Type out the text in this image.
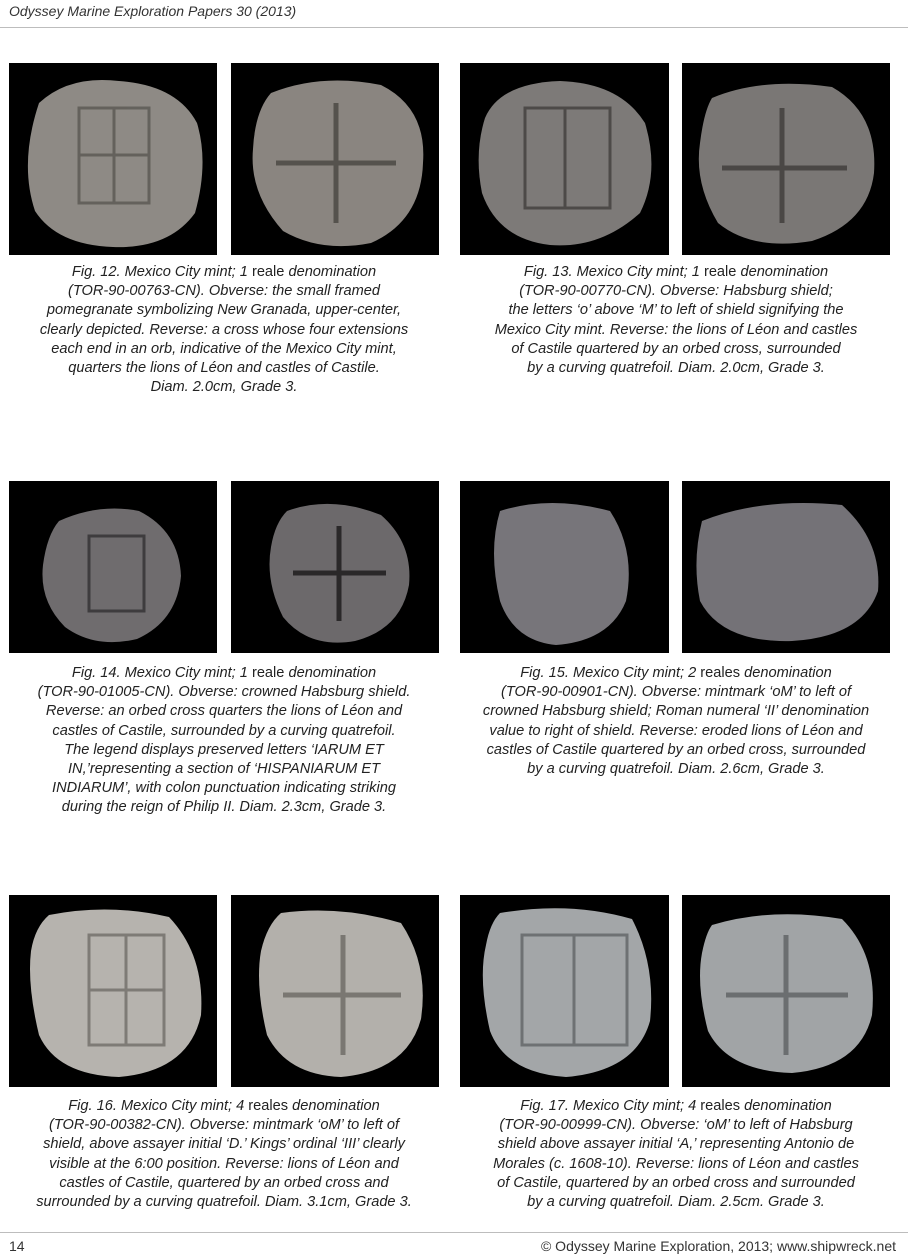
Odyssey Marine Exploration Papers 30 (2013)
Fig. 12. Mexico City mint; 1 reale denomination
(TOR-90-00763-CN). Obverse: the small framed
pomegranate symbolizing New Granada, upper-center,
clearly depicted. Reverse: a cross whose four extensions
each end in an orb, indicative of the Mexico City mint,
quarters the lions of Léon and castles of Castile.
Diam. 2.0cm, Grade 3.
Fig. 13. Mexico City mint; 1 reale denomination
(TOR-90-00770-CN). Obverse: Habsburg shield;
the letters ‘o’ above ‘M’ to left of shield signifying the
Mexico City mint. Reverse: the lions of Léon and castles
of Castile quartered by an orbed cross, surrounded
by a curving quatrefoil. Diam. 2.0cm, Grade 3.
Fig. 14. Mexico City mint; 1 reale denomination
(TOR-90-01005-CN). Obverse: crowned Habsburg shield.
Reverse: an orbed cross quarters the lions of Léon and
castles of Castile, surrounded by a curving quatrefoil.
The legend displays preserved letters ‘IARUM ET
IN,’representing a section of ‘HISPANIARUM ET
INDIARUM’, with colon punctuation indicating striking
during the reign of Philip II. Diam. 2.3cm, Grade 3.
Fig. 15. Mexico City mint; 2 reales denomination
(TOR-90-00901-CN). Obverse: mintmark ‘oM’ to left of
crowned Habsburg shield; Roman numeral ‘II’ denomination
value to right of shield. Reverse: eroded lions of Léon and
castles of Castile quartered by an orbed cross, surrounded
by a curving quatrefoil. Diam. 2.6cm, Grade 3.
Fig. 16. Mexico City mint; 4 reales denomination
(TOR-90-00382-CN). Obverse: mintmark ‘oM’ to left of
shield, above assayer initial ‘D.’ Kings’ ordinal ‘III’ clearly
visible at the 6:00 position. Reverse: lions of Léon and
castles of Castile, quartered by an orbed cross and
surrounded by a curving quatrefoil. Diam. 3.1cm, Grade 3.
Fig. 17. Mexico City mint; 4 reales denomination
(TOR-90-00999-CN). Obverse: ‘oM’ to left of Habsburg
shield above assayer initial ‘A,’ representing Antonio de
Morales (c. 1608-10). Reverse: lions of Léon and castles
of Castile, quartered by an orbed cross and surrounded
by a curving quatrefoil. Diam. 2.5cm. Grade 3.
14	© Odyssey Marine Exploration, 2013; www.shipwreck.net
